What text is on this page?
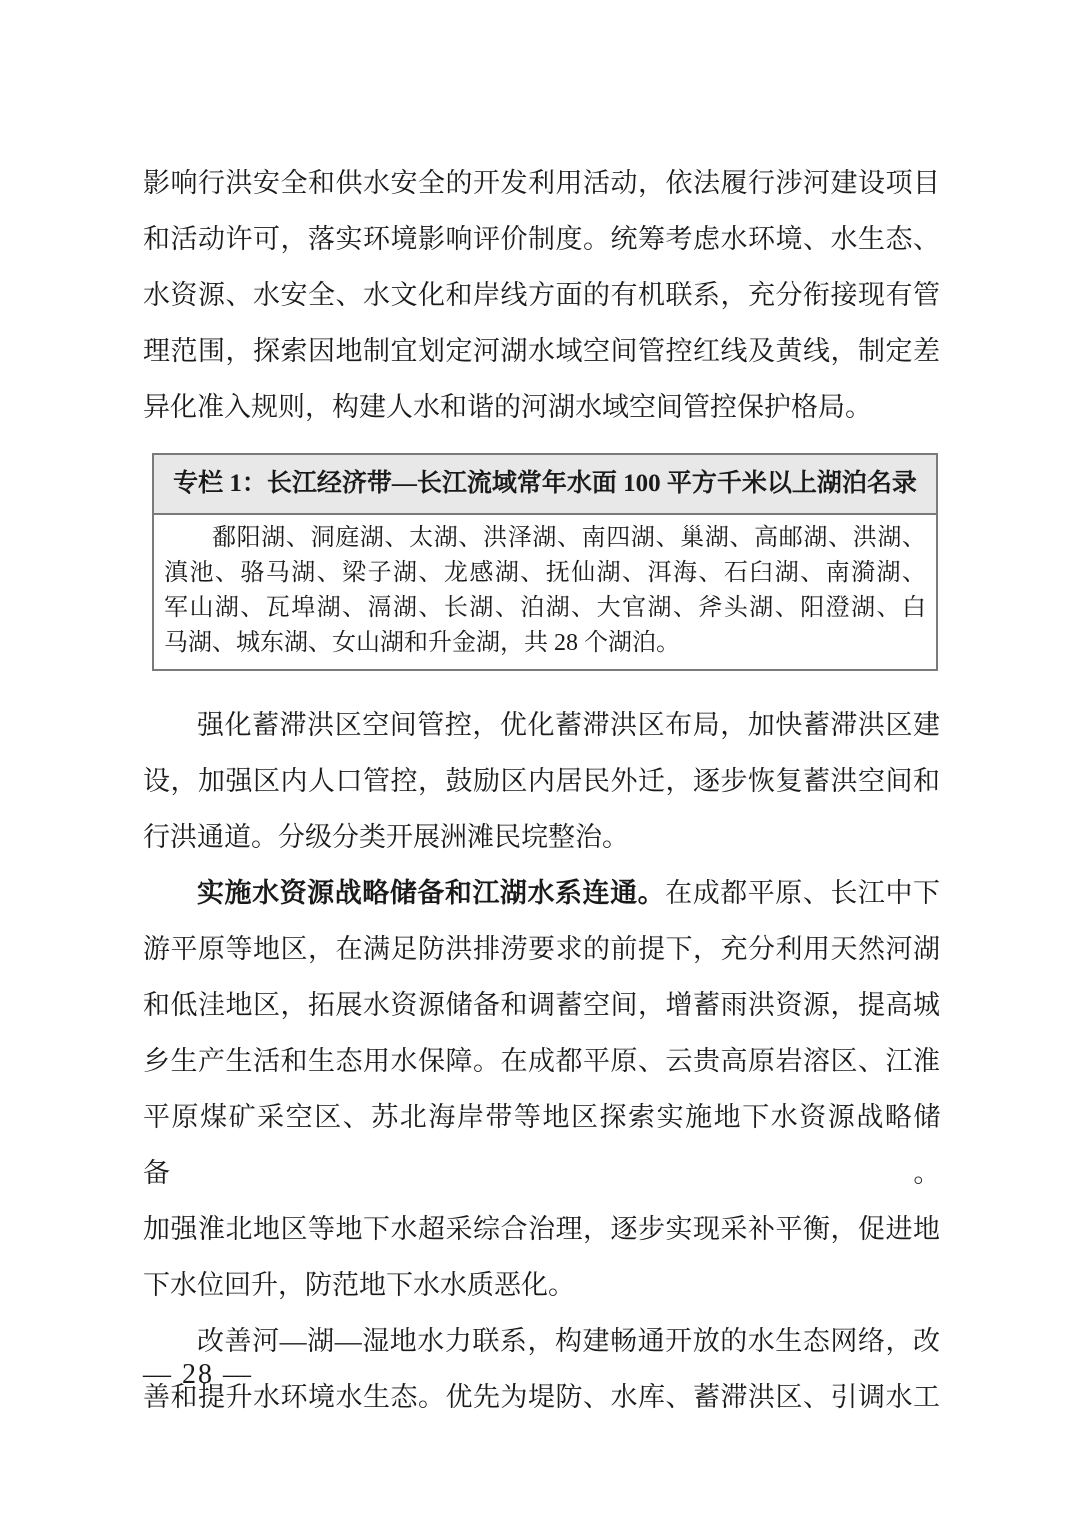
影响行洪安全和供水安全的开发利用活动，依法履行涉河建设项目
和活动许可，落实环境影响评价制度。统筹考虑水环境、水生态、
水资源、水安全、水文化和岸线方面的有机联系，充分衔接现有管
理范围，探索因地制宜划定河湖水域空间管控红线及黄线，制定差
异化准入规则，构建人水和谐的河湖水域空间管控保护格局。
专栏 1：长江经济带—长江流域常年水面 100 平方千米以上湖泊名录
鄱阳湖、洞庭湖、太湖、洪泽湖、南四湖、巢湖、高邮湖、洪湖、
滇池、骆马湖、梁子湖、龙感湖、抚仙湖、洱海、石臼湖、南漪湖、
军山湖、瓦埠湖、滆湖、长湖、泊湖、大官湖、斧头湖、阳澄湖、白
马湖、城东湖、女山湖和升金湖，共 28 个湖泊。
强化蓄滞洪区空间管控，优化蓄滞洪区布局，加快蓄滞洪区建
设，加强区内人口管控，鼓励区内居民外迁，逐步恢复蓄洪空间和
行洪通道。分级分类开展洲滩民垸整治。
实施水资源战略储备和江湖水系连通。在成都平原、长江中下
游平原等地区，在满足防洪排涝要求的前提下，充分利用天然河湖
和低洼地区，拓展水资源储备和调蓄空间，增蓄雨洪资源，提高城
乡生产生活和生态用水保障。在成都平原、云贵高原岩溶区、江淮
平原煤矿采空区、苏北海岸带等地区探索实施地下水资源战略储备。
加强淮北地区等地下水超采综合治理，逐步实现采补平衡，促进地
下水位回升，防范地下水水质恶化。
改善河—湖—湿地水力联系，构建畅通开放的水生态网络，改
善和提升水环境水生态。优先为堤防、水库、蓄滞洪区、引调水工
— 28 —
